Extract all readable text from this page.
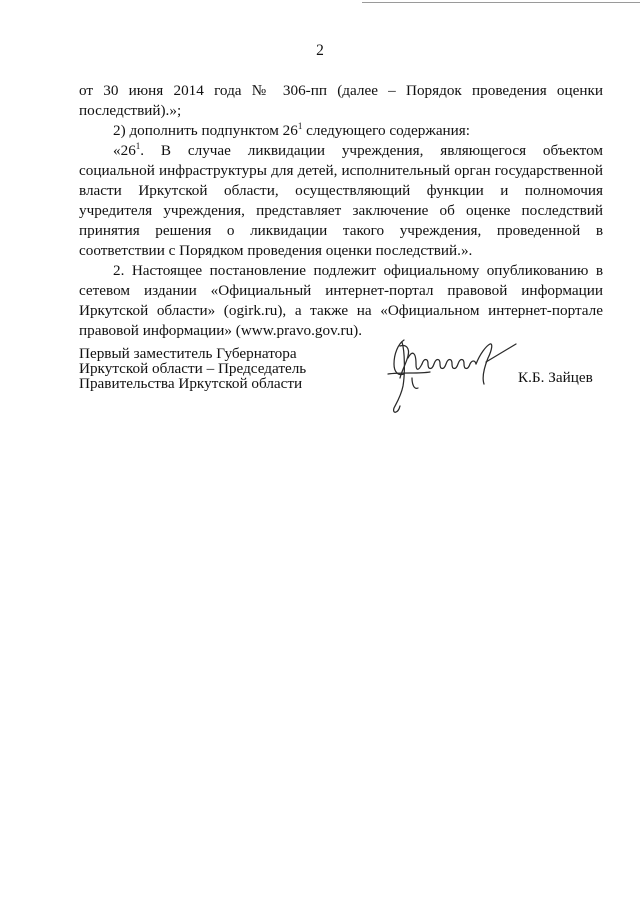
2

от 30 июня 2014 года № 306-пп (далее – Порядок проведения оценки последствий).»;

2) дополнить подпунктом $26^1$ следующего содержания:

«$26^1$. В случае ликвидации учреждения, являющегося объектом социальной инфраструктуры для детей, исполнительный орган государственной власти Иркутской области, осуществляющий функции и полномочия учредителя учреждения, представляет заключение об оценке последствий принятия решения о ликвидации такого учреждения, проведенной в соответствии с Порядком проведения оценки последствий.».

2. Настоящее постановление подлежит официальному опубликованию в сетевом издании «Официальный интернет-портал правовой информации Иркутской области» (ogirk.ru), а также на «Официальном интернет-портале правовой информации» (www.pravo.gov.ru).

Первый заместитель Губернатора
Иркутской области – Председатель
Правительства Иркутской области	К.Б. Зайцев
